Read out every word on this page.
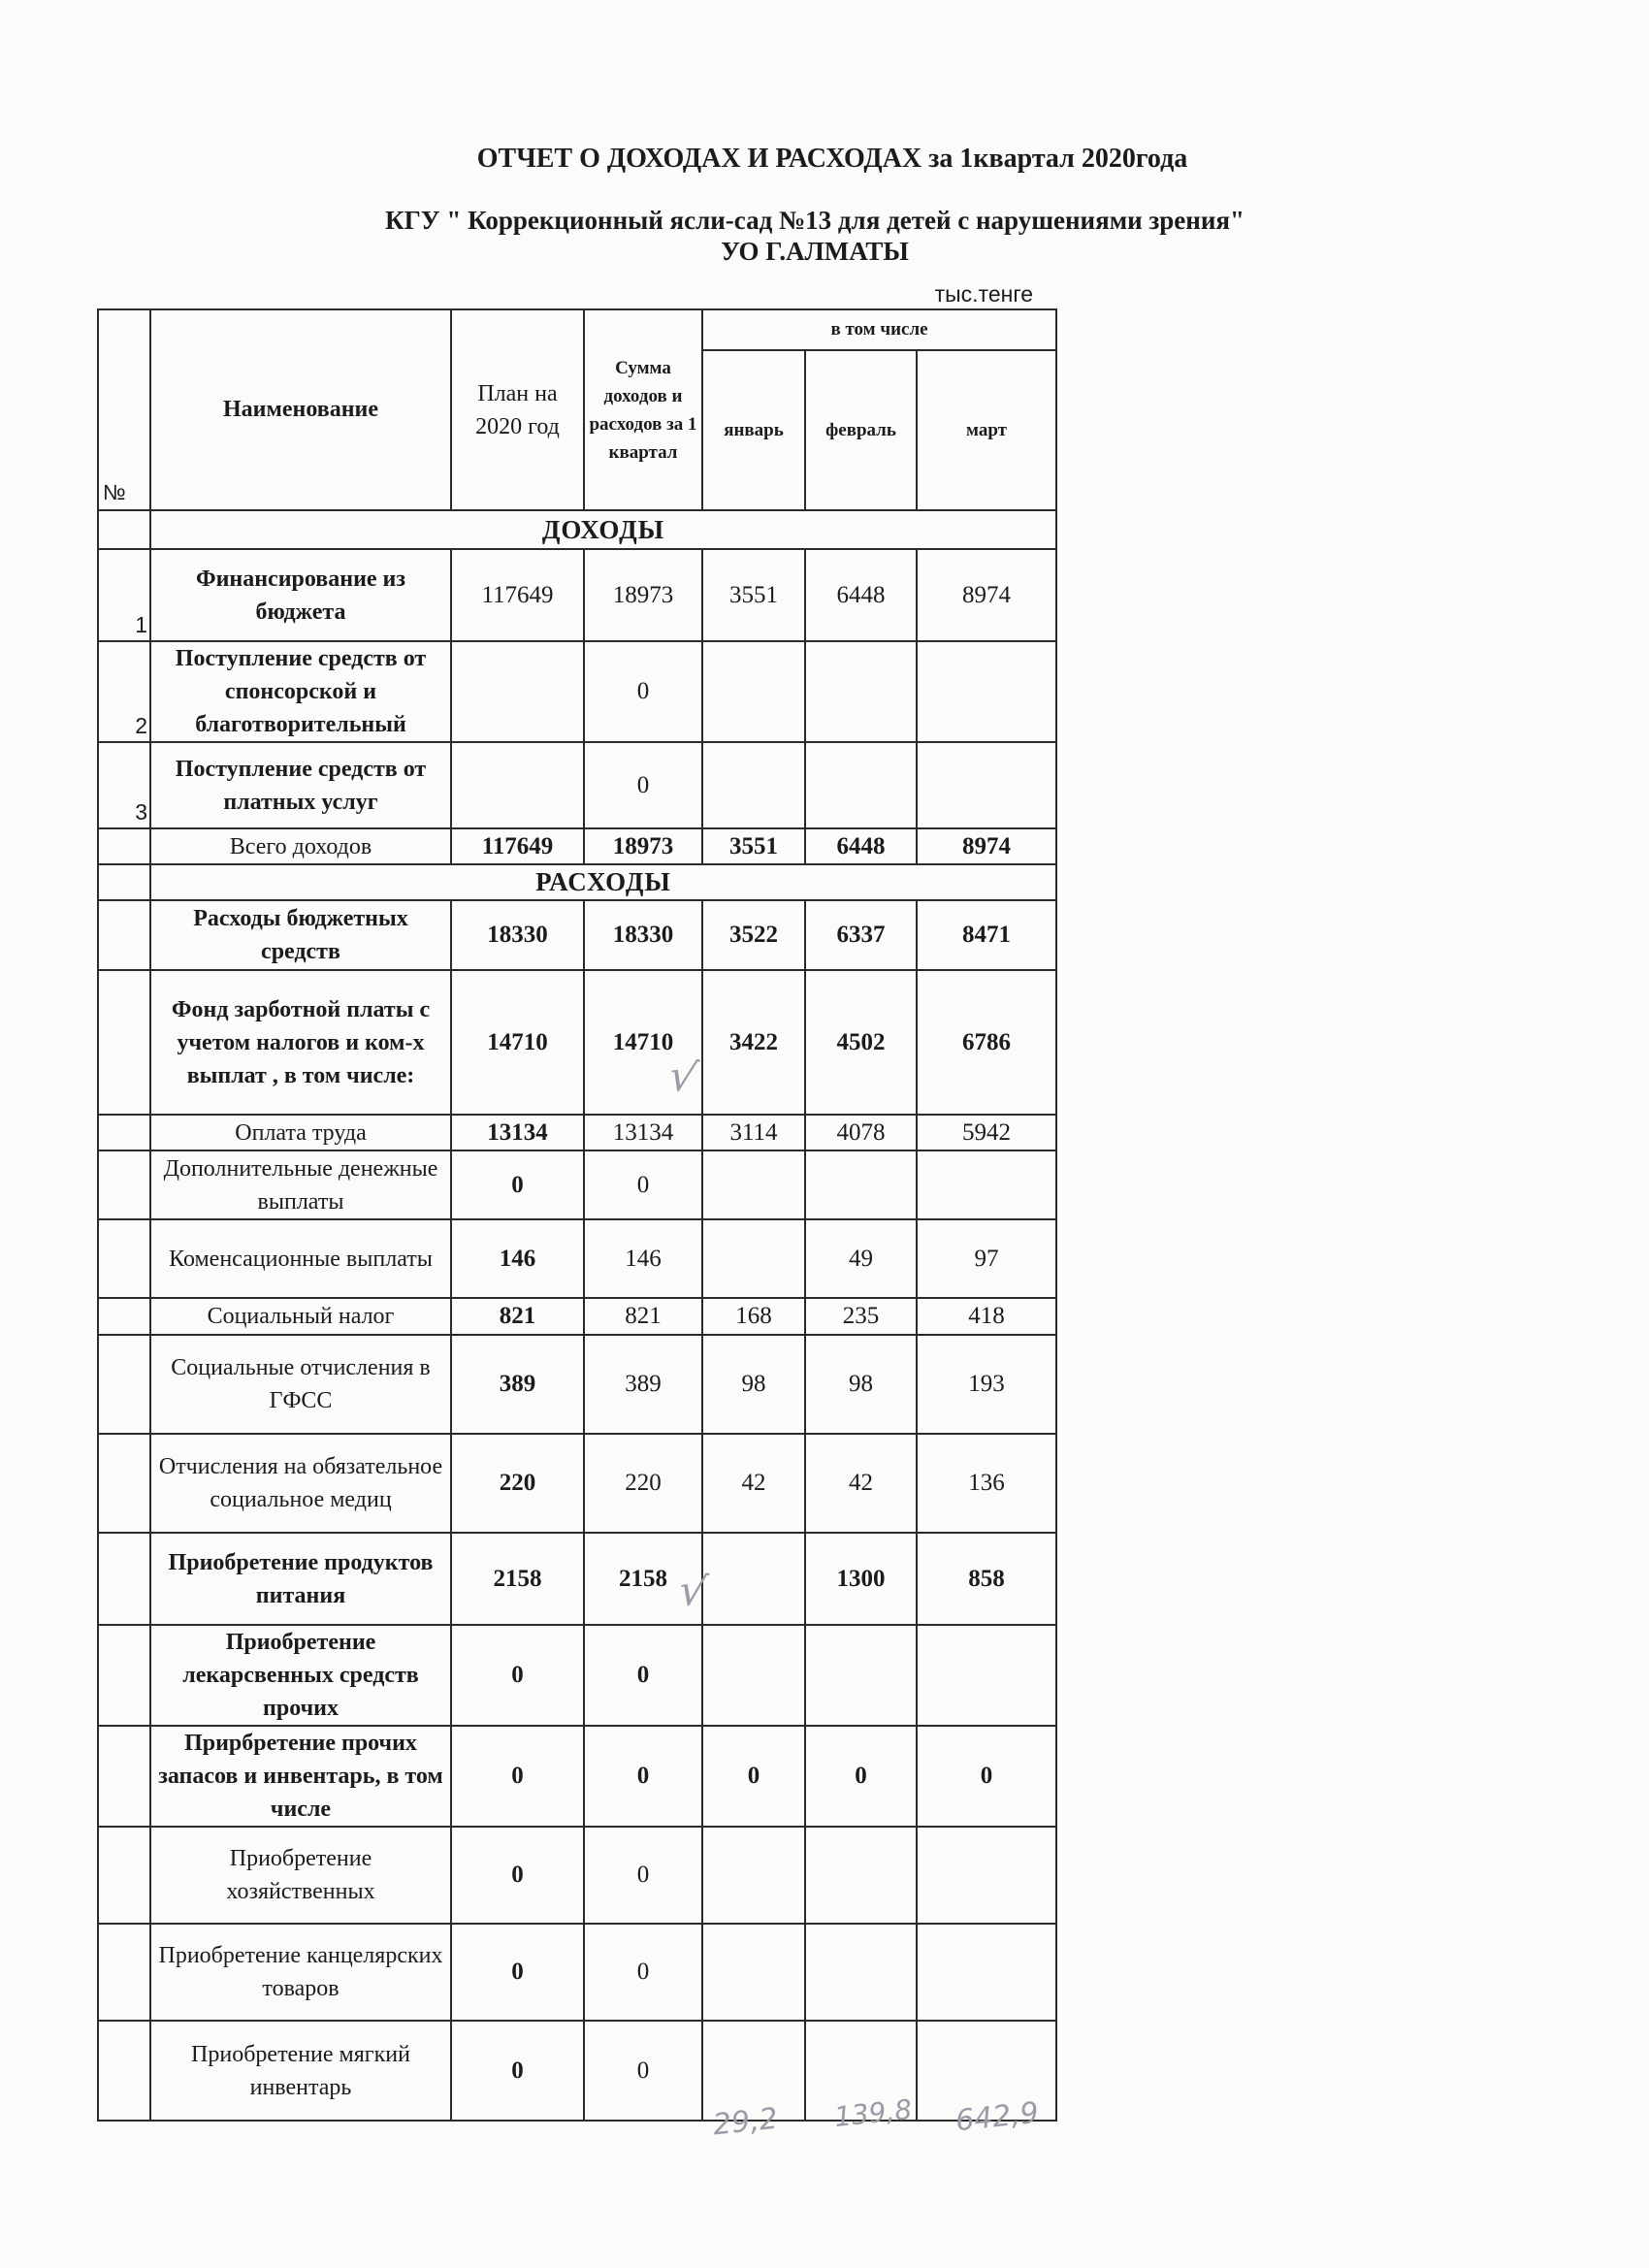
ОТЧЕТ О ДОХОДАХ И РАСХОДАХ за 1квартал 2020года
КГУ " Коррекционный ясли-сад №13 для детей с нарушениями зрения"
УО Г.АЛМАТЫ
тыс.тенге
№	Наименование	План на 2020 год	Сумма доходов и расходов за 1 квартал	в том числе		
				январь	февраль	март
	ДОХОДЫ					
1	Финансирование из бюджета	117649	18973	3551	6448	8974
2	Поступление средств от спонсорской и благотворительный		0			
3	Поступление средств от платных услуг		0			
	Всего доходов	117649	18973	3551	6448	8974
	РАСХОДЫ					
	Расходы бюджетных средств	18330	18330	3522	6337	8471
	Фонд зарботной платы с учетом налогов и ком-х выплат , в том числе:	14710	14710	3422	4502	6786
	Оплата труда	13134	13134	3114	4078	5942
	Дополнительные денежные выплаты	0	0			
	Коменсационные выплаты	146	146		49	97
	Социальный налог	821	821	168	235	418
	Социальные отчисления в ГФСС	389	389	98	98	193
	Отчисления на обязательное социальное медиц	220	220	42	42	136
	Приобретение продуктов питания	2158	2158		1300	858
	Приобретение лекарсвенных средств прочих	0	0			
	Прирбретение прочих запасов и инвентарь, в том числе	0	0	0	0	0
	Приобретение хозяйственных	0	0			
	Приобретение канцелярских товаров	0	0			
	Приобретение мягкий инвентарь	0	0			
√
√
29,2 139,8 642,9
